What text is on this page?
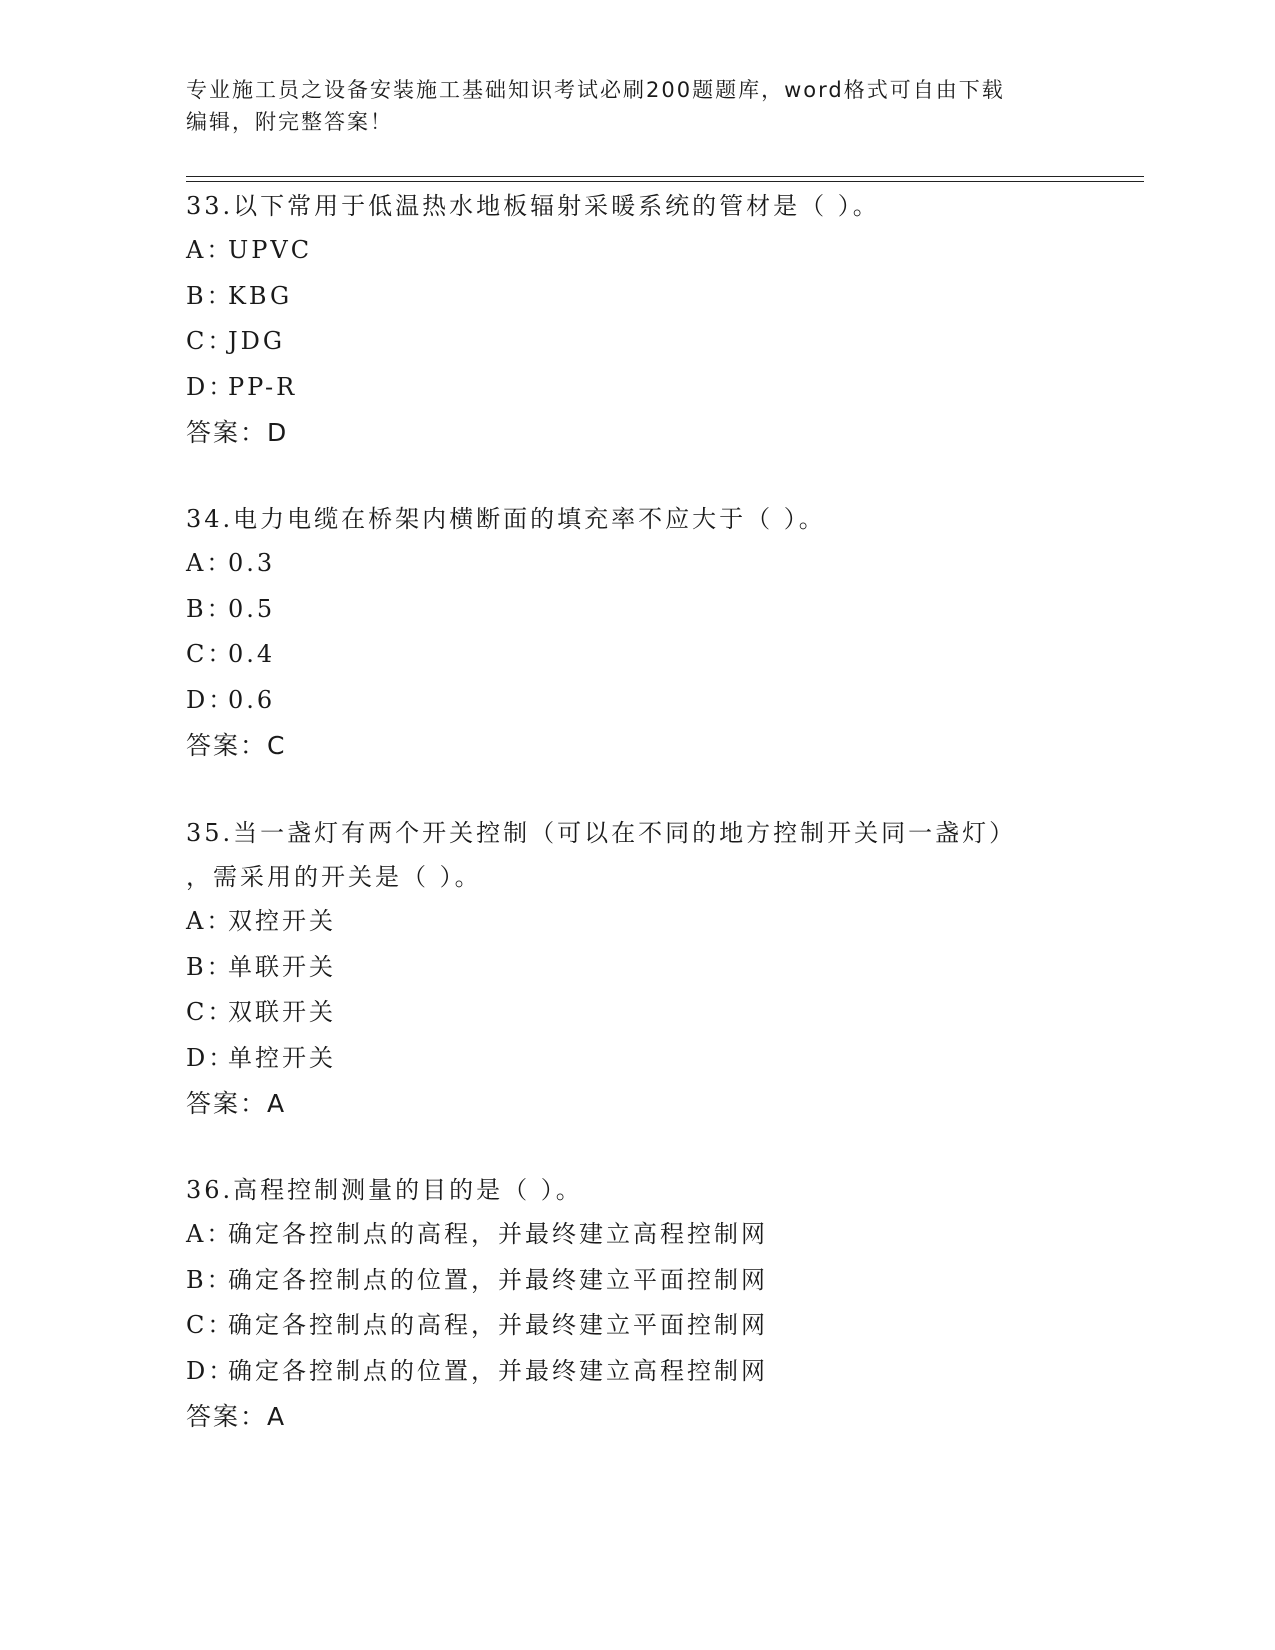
专业施工员之设备安装施工基础知识考试必刷200题题库，word格式可自由下载
编辑，附完整答案！

33.以下常用于低温热水地板辐射采暖系统的管材是（ ）。

A：UPVC

B：KBG

C：JDG

D：PP-R

答案：D

34.电力电缆在桥架内横断面的填充率不应大于（ ）。

A：0.3

B：0.5

C：0.4

D：0.6

答案：C

35.当一盏灯有两个开关控制（可以在不同的地方控制开关同一盏灯）

，需采用的开关是（ ）。

A：双控开关

B：单联开关

C：双联开关

D：单控开关

答案：A

36.高程控制测量的目的是（ ）。

A：确定各控制点的高程，并最终建立高程控制网

B：确定各控制点的位置，并最终建立平面控制网

C：确定各控制点的高程，并最终建立平面控制网

D：确定各控制点的位置，并最终建立高程控制网

答案：A
